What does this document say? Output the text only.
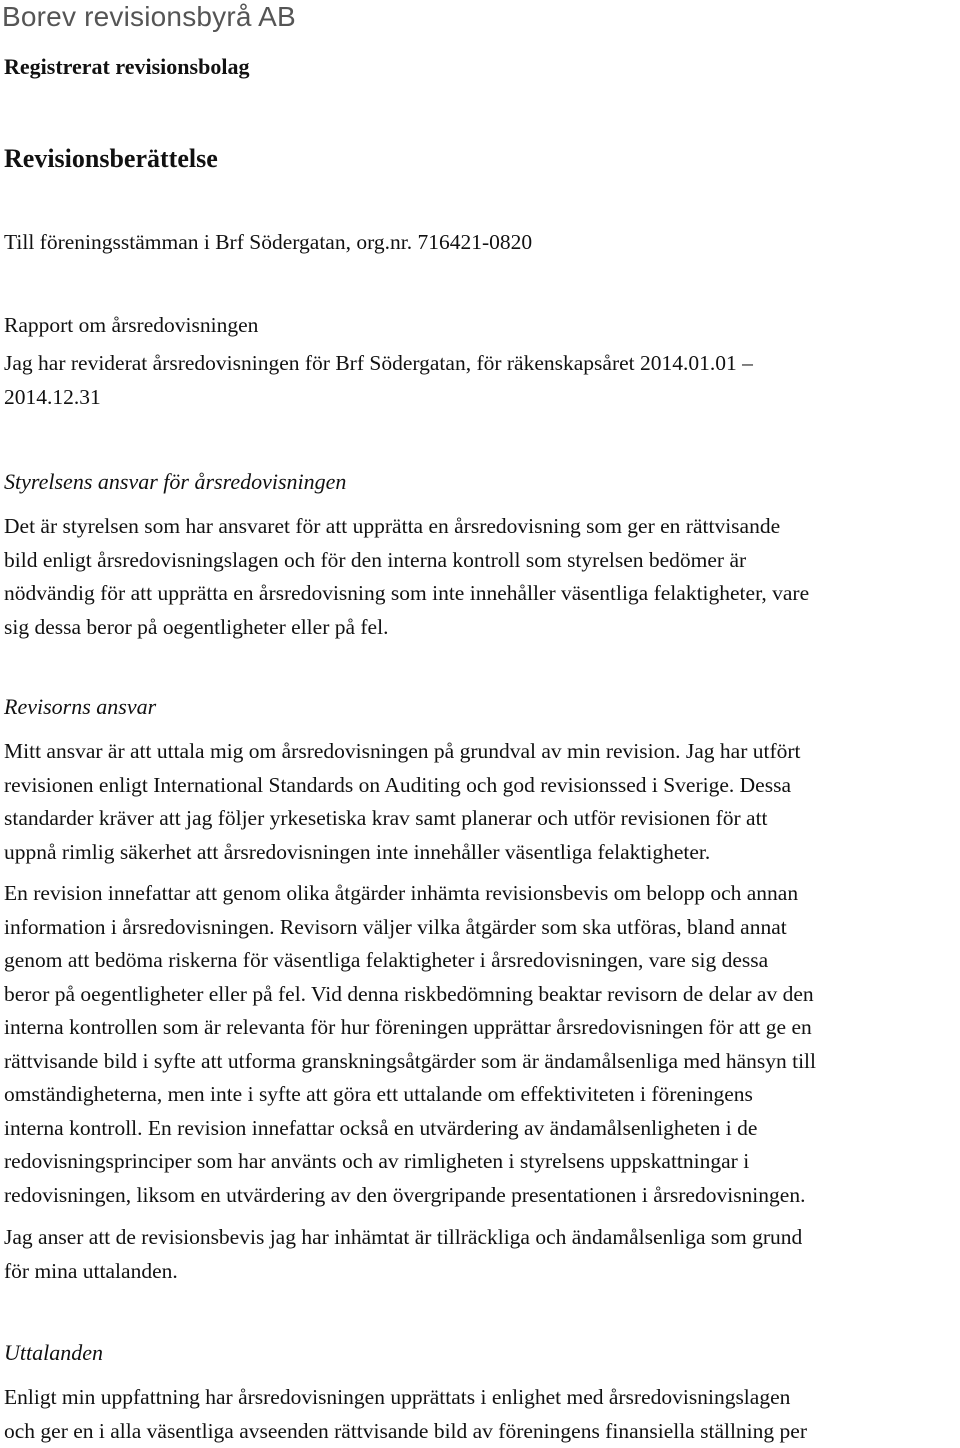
Borev revisionsbyrå AB
Registrerat revisionsbolag
Revisionsberättelse
Till föreningsstämman i Brf Södergatan, org.nr. 716421-0820
Rapport om årsredovisningen
Jag har reviderat årsredovisningen för Brf Södergatan, för räkenskapsåret 2014.01.01 –
2014.12.31
Styrelsens ansvar för årsredovisningen
Det är styrelsen som har ansvaret för att upprätta en årsredovisning som ger en rättvisande
bild enligt årsredovisningslagen och för den interna kontroll som styrelsen bedömer är
nödvändig för att upprätta en årsredovisning som inte innehåller väsentliga felaktigheter, vare
sig dessa beror på oegentligheter eller på fel.
Revisorns ansvar
Mitt ansvar är att uttala mig om årsredovisningen på grundval av min revision. Jag har utfört
revisionen enligt International Standards on Auditing och god revisionssed i Sverige. Dessa
standarder kräver att jag följer yrkesetiska krav samt planerar och utför revisionen för att
uppnå rimlig säkerhet att årsredovisningen inte innehåller väsentliga felaktigheter.
En revision innefattar att genom olika åtgärder inhämta revisionsbevis om belopp och annan
information i årsredovisningen. Revisorn väljer vilka åtgärder som ska utföras, bland annat
genom att bedöma riskerna för väsentliga felaktigheter i årsredovisningen, vare sig dessa
beror på oegentligheter eller på fel. Vid denna riskbedömning beaktar revisorn de delar av den
interna kontrollen som är relevanta för hur föreningen upprättar årsredovisningen för att ge en
rättvisande bild i syfte att utforma granskningsåtgärder som är ändamålsenliga med hänsyn till
omständigheterna, men inte i syfte att göra ett uttalande om effektiviteten i föreningens
interna kontroll. En revision innefattar också en utvärdering av ändamålsenligheten i de
redovisningsprinciper som har använts och av rimligheten i styrelsens uppskattningar i
redovisningen, liksom en utvärdering av den övergripande presentationen i årsredovisningen.
Jag anser att de revisionsbevis jag har inhämtat är tillräckliga och ändamålsenliga som grund
för mina uttalanden.
Uttalanden
Enligt min uppfattning har årsredovisningen upprättats i enlighet med årsredovisningslagen
och ger en i alla väsentliga avseenden rättvisande bild av föreningens finansiella ställning per
